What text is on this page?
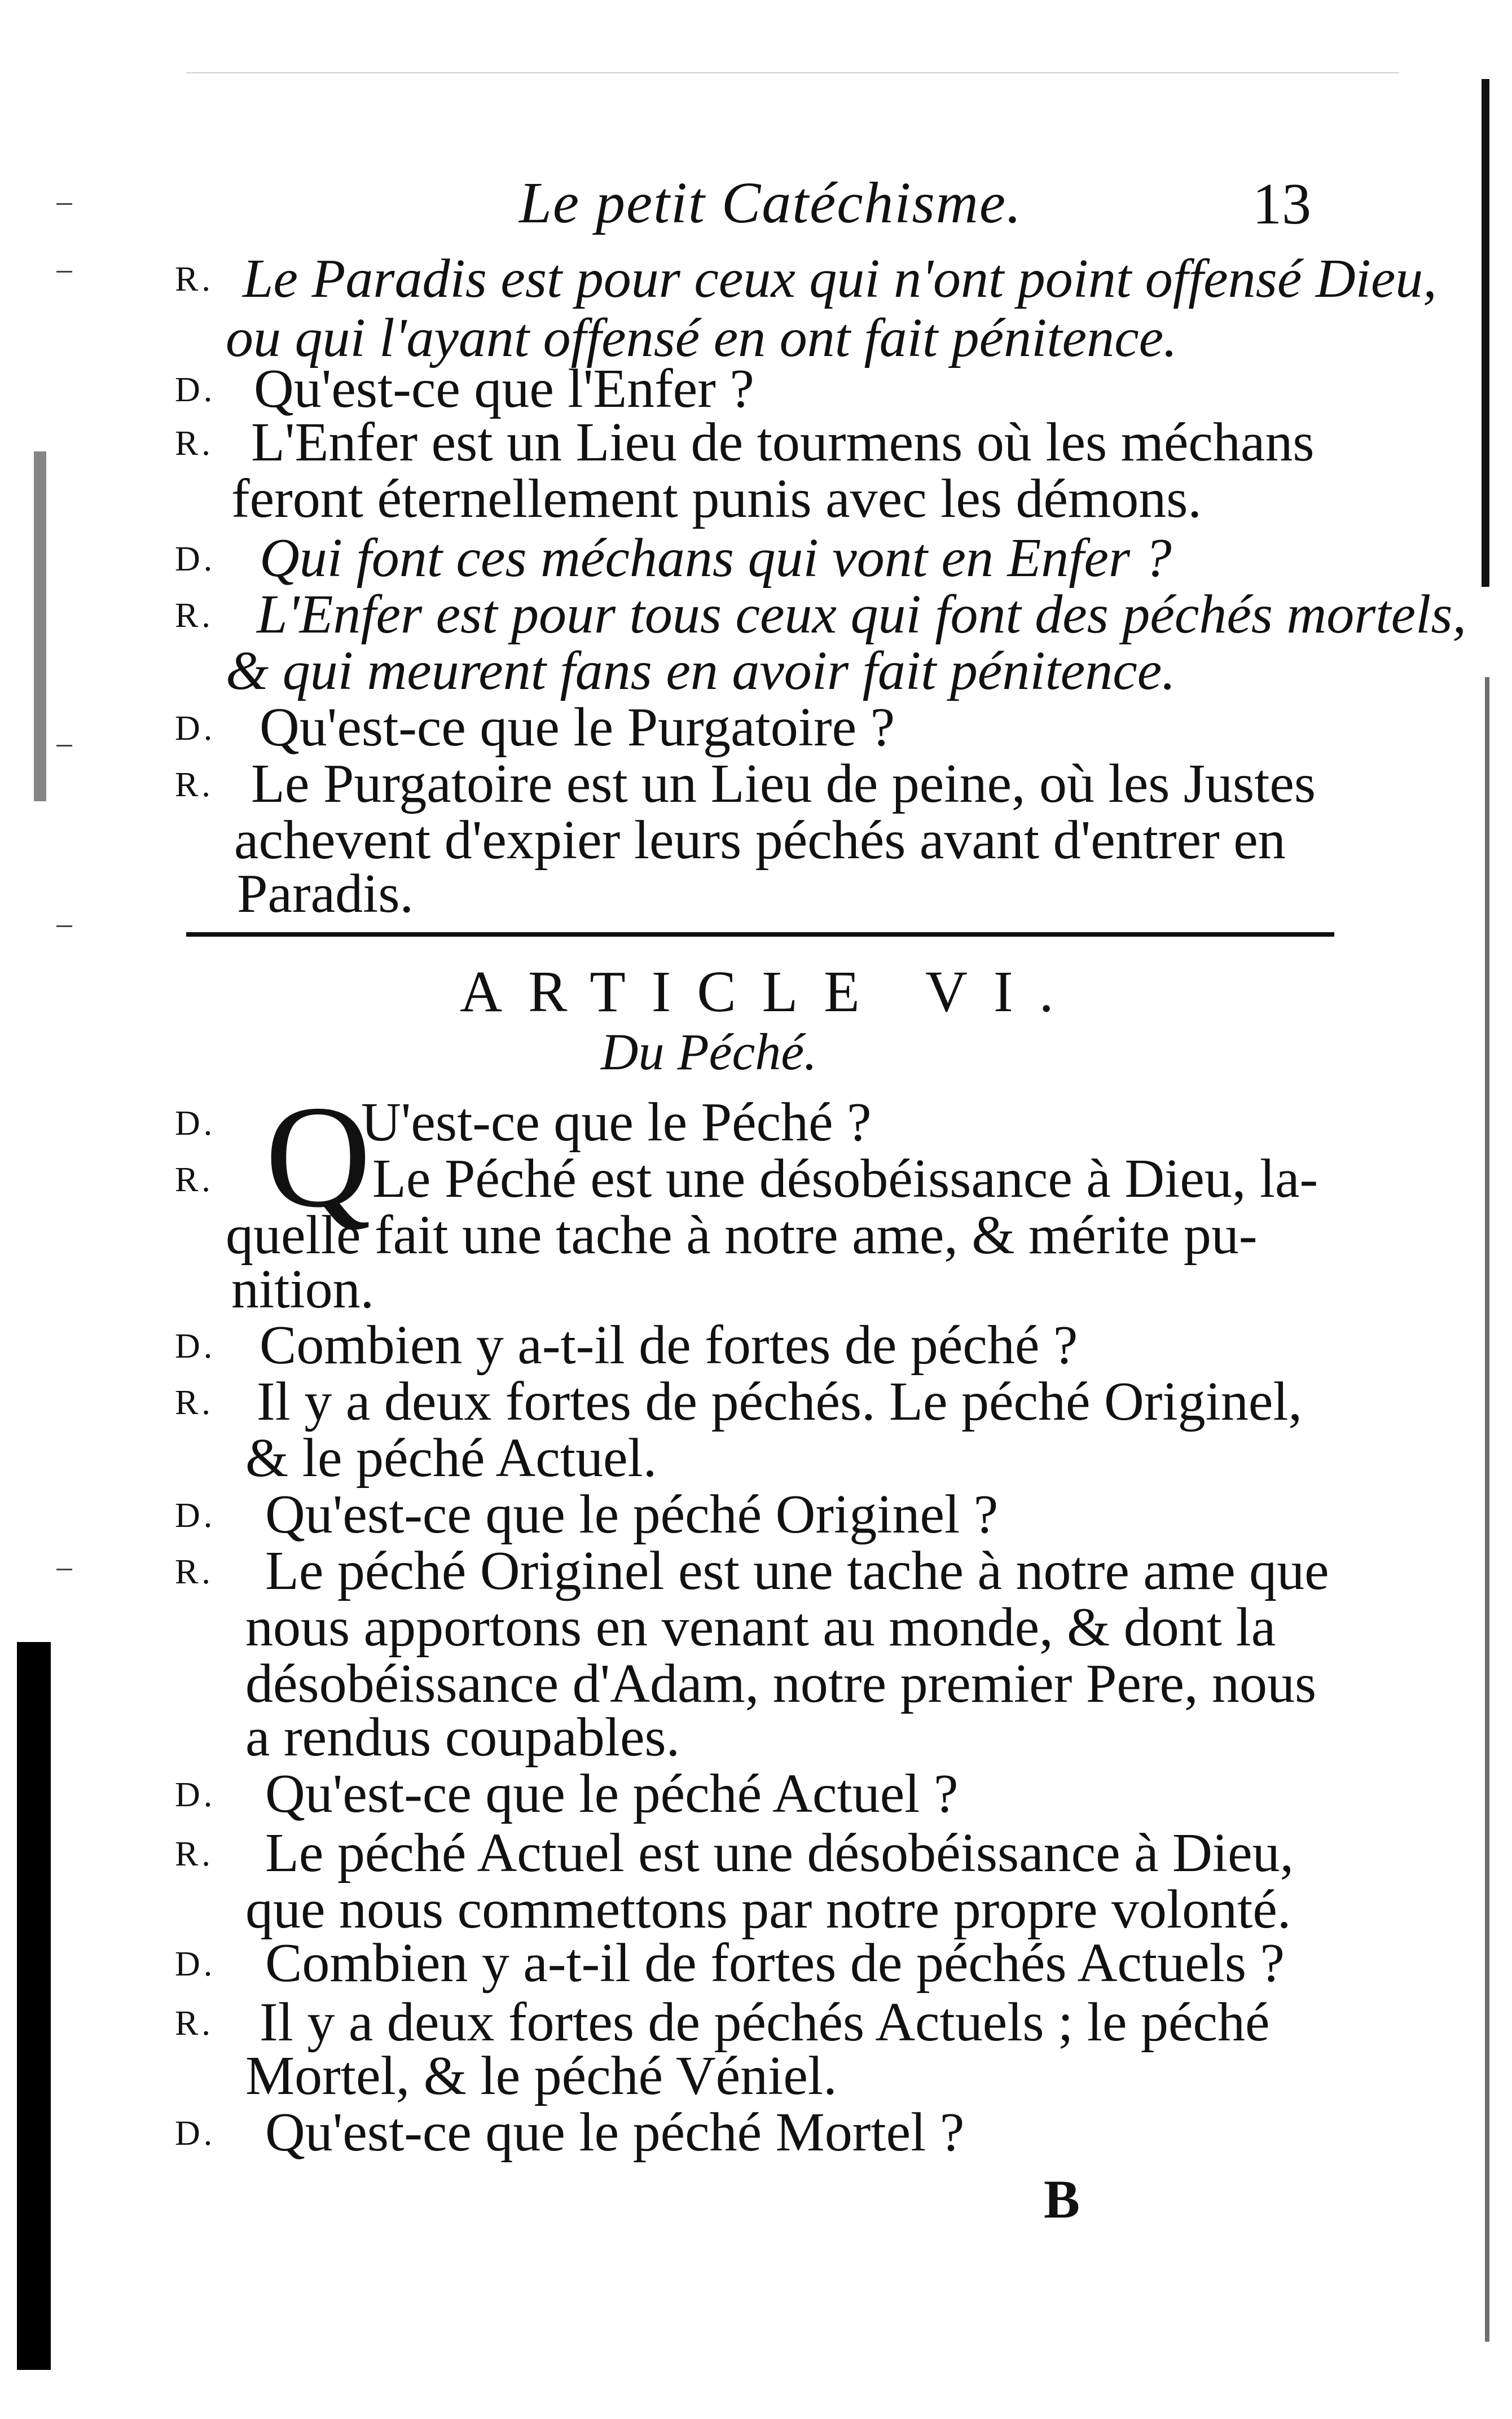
Le petit Catéchisme.	13
R. Le Paradis est pour ceux qui n'ont point offensé Dieu,
ou qui l'ayant offensé en ont fait pénitence.
D. Qu'est-ce que l'Enfer ?
R. L'Enfer est un Lieu de tourmens où les méchans
feront éternellement punis avec les démons.
D. Qui font ces méchans qui vont en Enfer ?
R. L'Enfer est pour tous ceux qui font des péchés mortels,
& qui meurent fans en avoir fait pénitence.
D. Qu'est-ce que le Purgatoire ?
R. Le Purgatoire est un Lieu de peine, où les Justes
achevent d'expier leurs péchés avant d'entrer en
Paradis.
ARTICLE VI.
Du Péché.
Q
D.	U'est-ce que le Péché ?
R.	Le Péché est une désobéissance à Dieu, la-
quelle fait une tache à notre ame, & mérite pu-
nition.
D. Combien y a-t-il de fortes de péché ?
R. Il y a deux fortes de péchés. Le péché Originel,
& le péché Actuel.
D. Qu'est-ce que le péché Originel ?
R. Le péché Originel est une tache à notre ame que
nous apportons en venant au monde, & dont la
désobéissance d'Adam, notre premier Pere, nous
a rendus coupables.
D. Qu'est-ce que le péché Actuel ?
R. Le péché Actuel est une désobéissance à Dieu,
que nous commettons par notre propre volonté.
D. Combien y a-t-il de fortes de péchés Actuels ?
R. Il y a deux fortes de péchés Actuels ; le péché
Mortel, & le péché Véniel.
D. Qu'est-ce que le péché Mortel ?
B
